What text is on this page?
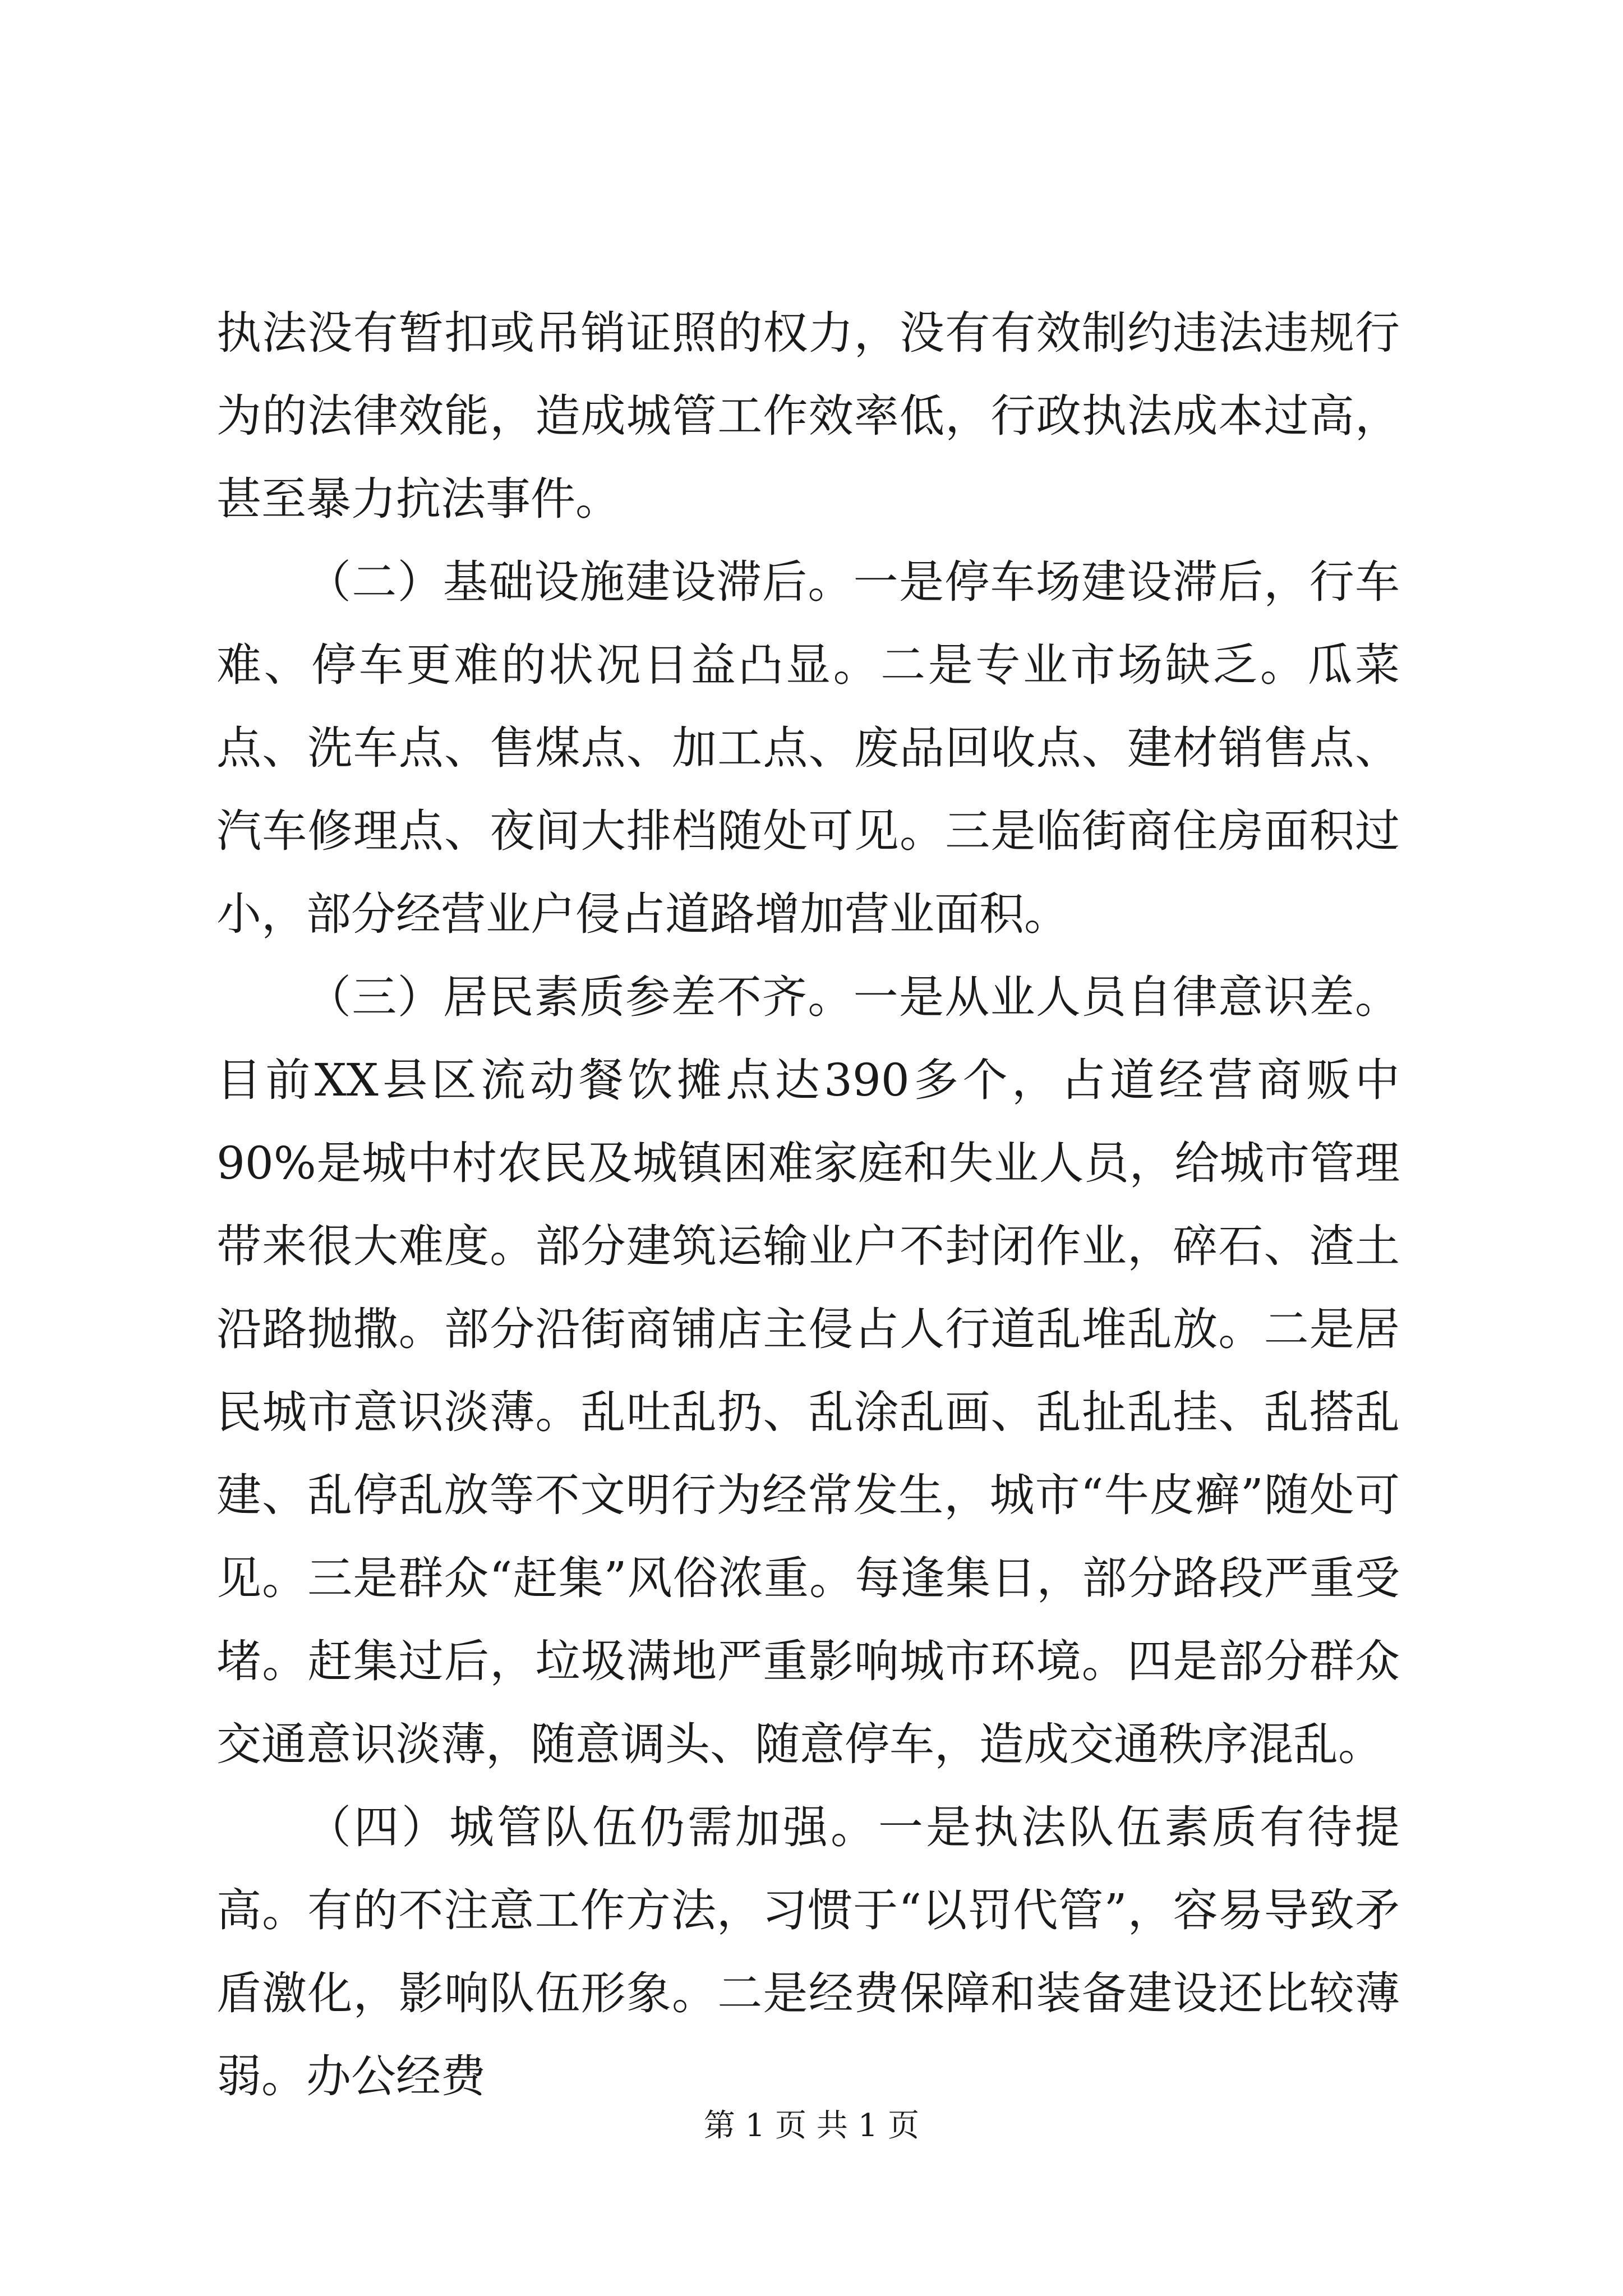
执法没有暂扣或吊销证照的权力，没有有效制约违法违规行为的法律效能，造成城管工作效率低，行政执法成本过高，甚至暴力抗法事件。

（二）基础设施建设滞后。一是停车场建设滞后，行车难、停车更难的状况日益凸显。二是专业市场缺乏。瓜菜点、洗车点、售煤点、加工点、废品回收点、建材销售点、汽车修理点、夜间大排档随处可见。三是临街商住房面积过小，部分经营业户侵占道路增加营业面积。

（三）居民素质参差不齐。一是从业人员自律意识差。目前XX县区流动餐饮摊点达390多个，占道经营商贩中90%是城中村农民及城镇困难家庭和失业人员，给城市管理带来很大难度。部分建筑运输业户不封闭作业，碎石、渣土沿路抛撒。部分沿街商铺店主侵占人行道乱堆乱放。二是居民城市意识淡薄。乱吐乱扔、乱涂乱画、乱扯乱挂、乱搭乱建、乱停乱放等不文明行为经常发生，城市“牛皮癣”随处可见。三是群众“赶集”风俗浓重。每逢集日，部分路段严重受堵。赶集过后，垃圾满地严重影响城市环境。四是部分群众交通意识淡薄，随意调头、随意停车，造成交通秩序混乱。

（四）城管队伍仍需加强。一是执法队伍素质有待提高。有的不注意工作方法，习惯于“以罚代管”，容易导致矛盾激化，影响队伍形象。二是经费保障和装备建设还比较薄弱。办公经费

第 1 页 共 1 页
